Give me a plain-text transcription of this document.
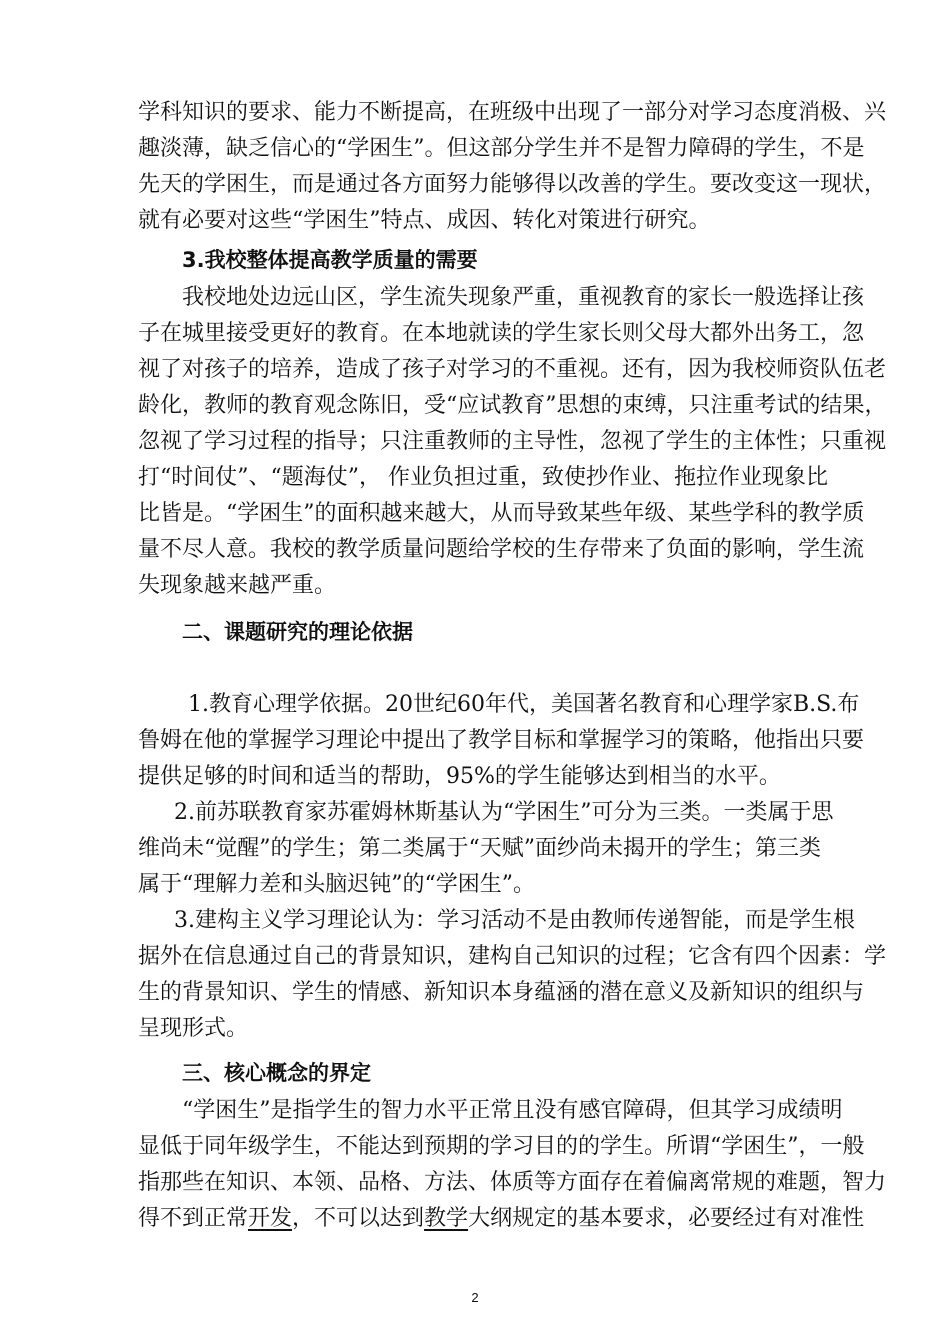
学科知识的要求、能力不断提高，在班级中出现了一部分对学习态度消极、兴
趣淡薄，缺乏信心的“学困生”。但这部分学生并不是智力障碍的学生，不是
先天的学困生，而是通过各方面努力能够得以改善的学生。要改变这一现状，
就有必要对这些“学困生”特点、成因、转化对策进行研究。
3.我校整体提高教学质量的需要
我校地处边远山区，学生流失现象严重，重视教育的家长一般选择让孩
子在城里接受更好的教育。在本地就读的学生家长则父母大都外出务工，忽
视了对孩子的培养，造成了孩子对学习的不重视。还有，因为我校师资队伍老
龄化，教师的教育观念陈旧，受“应试教育”思想的束缚，只注重考试的结果，
忽视了学习过程的指导；只注重教师的主导性，忽视了学生的主体性；只重视
打“时间仗”、“题海仗”， 作业负担过重，致使抄作业、拖拉作业现象比
比皆是。“学困生”的面积越来越大，从而导致某些年级、某些学科的教学质
量不尽人意。我校的教学质量问题给学校的生存带来了负面的影响，学生流
失现象越来越严重。
二、课题研究的理论依据
1.教育心理学依据。20世纪60年代，美国著名教育和心理学家B.S.布
鲁姆在他的掌握学习理论中提出了教学目标和掌握学习的策略，他指出只要
提供足够的时间和适当的帮助，95%的学生能够达到相当的水平。
2.前苏联教育家苏霍姆林斯基认为“学困生”可分为三类。一类属于思
维尚未“觉醒”的学生；第二类属于“天赋”面纱尚未揭开的学生；第三类
属于“理解力差和头脑迟钝”的“学困生”。
3.建构主义学习理论认为：学习活动不是由教师传递智能，而是学生根
据外在信息通过自己的背景知识，建构自己知识的过程；它含有四个因素：学
生的背景知识、学生的情感、新知识本身蕴涵的潜在意义及新知识的组织与
呈现形式。
三、核心概念的界定
“学困生”是指学生的智力水平正常且没有感官障碍，但其学习成绩明
显低于同年级学生，不能达到预期的学习目的的学生。所谓“学困生”，一般
指那些在知识、本领、品格、方法、体质等方面存在着偏离常规的难题，智力
得不到正常开发，不可以达到教学大纲规定的基本要求，必要经过有对准性
2
